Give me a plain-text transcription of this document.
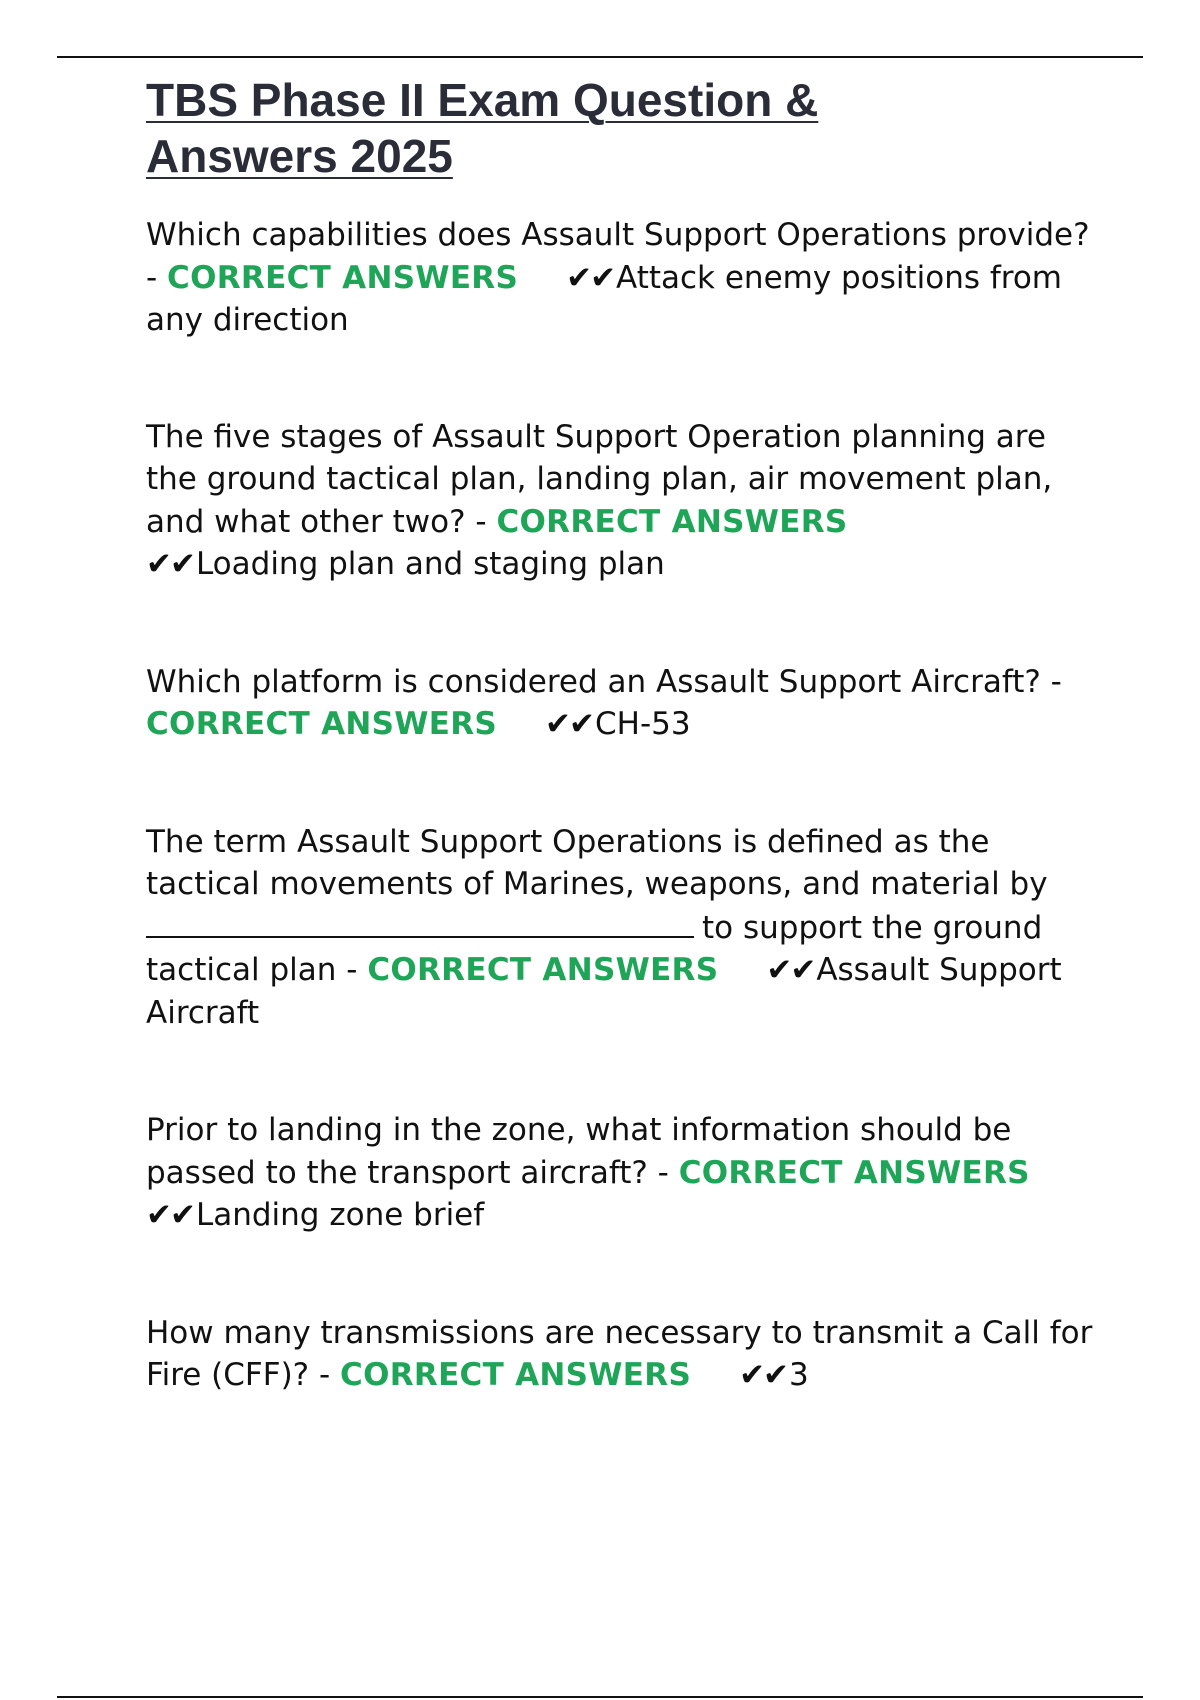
TBS Phase II Exam Question &
Answers 2025

Which capabilities does Assault Support Operations provide? - CORRECT ANSWERS ✔✔Attack enemy positions from any direction

The five stages of Assault Support Operation planning are the ground tactical plan, landing plan, air movement plan, and what other two? - CORRECT ANSWERS
✔✔Loading plan and staging plan

Which platform is considered an Assault Support Aircraft? - CORRECT ANSWERS ✔✔CH-53

The term Assault Support Operations is defined as the tactical movements of Marines, weapons, and material by
to support the ground tactical plan - CORRECT ANSWERS ✔✔Assault Support Aircraft

Prior to landing in the zone, what information should be passed to the transport aircraft? - CORRECT ANSWERS
✔✔Landing zone brief

How many transmissions are necessary to transmit a Call for Fire (CFF)? - CORRECT ANSWERS ✔✔3
